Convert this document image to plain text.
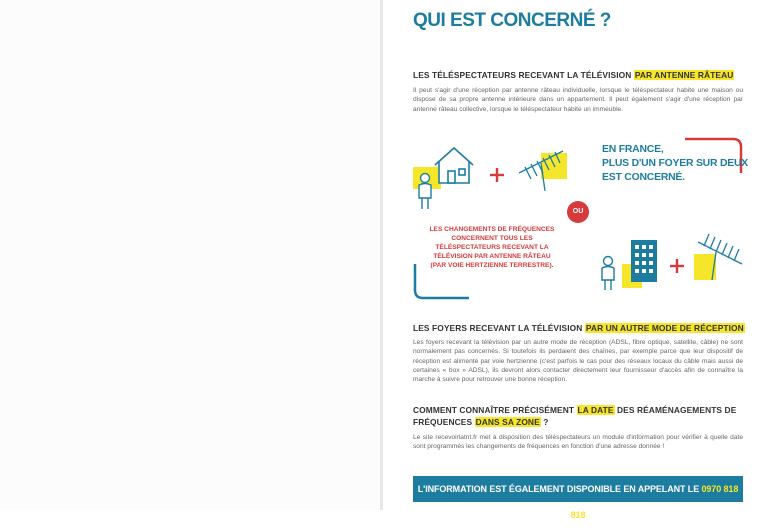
QUI EST CONCERNÉ ?
LES TÉLÉSPECTATEURS RECEVANT LA TÉLÉVISION PAR ANTENNE RÂTEAU
Il peut s'agir d'une réception par antenne râteau individuelle, lorsque le téléspectateur habite une maison ou dispose de sa propre antenne intérieure dans un appartement. Il peut également s'agir d'une réception par antenne râteau collective, lorsque le téléspectateur habite un immeuble.
EN FRANCE,
PLUS D'UN FOYER SUR DEUX
EST CONCERNÉ.
OU
LES CHANGEMENTS DE FRÉQUENCES CONCERNENT TOUS LES TÉLÉSPECTATEURS RECEVANT LA TÉLÉVISION PAR ANTENNE RÂTEAU (PAR VOIE HERTZIENNE TERRESTRE).
LES FOYERS RECEVANT LA TÉLÉVISION PAR UN AUTRE MODE DE RÉCEPTION
Les foyers recevant la télévision par un autre mode de réception (ADSL, fibre optique, satellite, câble) ne sont normalement pas concernés. Si toutefois ils perdaient des chaînes, par exemple parce que leur dispositif de réception est alimenté par voie hertzienne (c'est parfois le cas pour des réseaux locaux du câble mais aussi de certaines « box » ADSL), ils devront alors contacter directement leur fournisseur d'accès afin de connaître la marche à suivre pour retrouver une bonne réception.
COMMENT CONNAÎTRE PRÉCISÉMENT LA DATE DES RÉAMÉNAGEMENTS DE
FRÉQUENCES DANS SA ZONE ?
Le site recevoirlatnt.fr met à disposition des téléspectateurs un module d'information pour vérifier à quelle date sont programmés les changements de fréquences en fonction d'une adresse donnée !
L'INFORMATION EST ÉGALEMENT DISPONIBLE EN APPELANT LE 0970 818 818
